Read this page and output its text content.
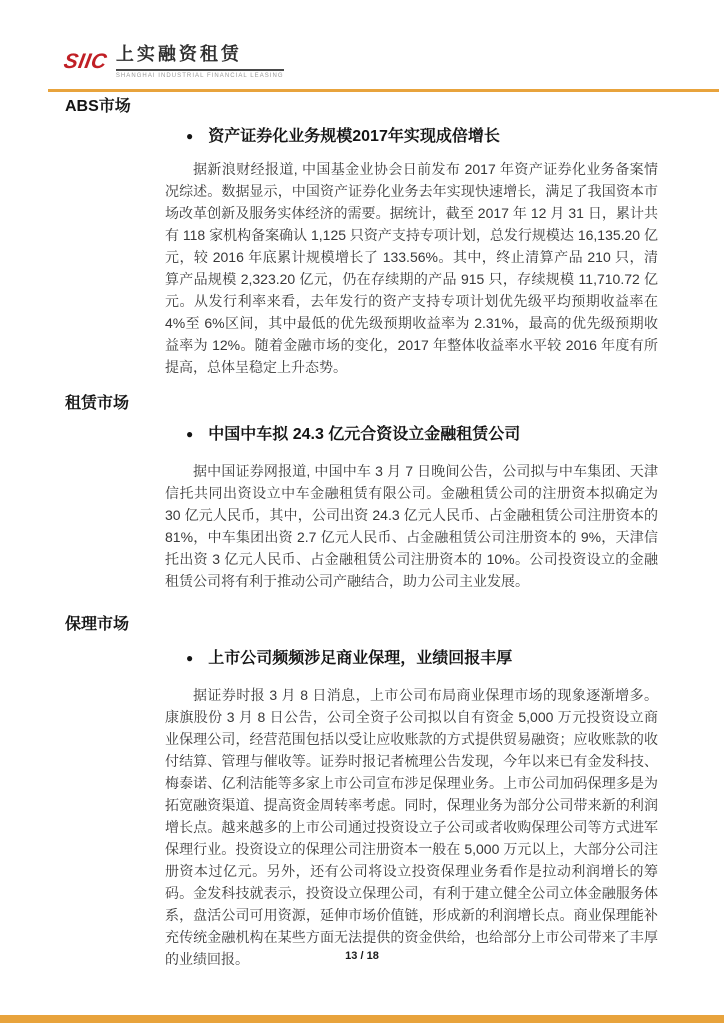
SIIC 上实融资租赁
SHANGHAI INDUSTRIAL FINANCIAL LEASING
ABS市场
● 资产证券化业务规模2017年实现成倍增长

据新浪财经报道, 中国基金业协会日前发布 2017 年资产证券化业务备案情况综述。数据显示，中国资产证券化业务去年实现快速增长，满足了我国资本市场改革创新及服务实体经济的需要。据统计，截至 2017 年 12 月 31 日，累计共有 118 家机构备案确认 1,125 只资产支持专项计划，总发行规模达 16,135.20 亿元，较 2016 年底累计规模增长了 133.56%。其中，终止清算产品 210 只，清算产品规模 2,323.20 亿元，仍在存续期的产品 915 只，存续规模 11,710.72 亿元。从发行利率来看，去年发行的资产支持专项计划优先级平均预期收益率在 4%至 6%区间，其中最低的优先级预期收益率为 2.31%，最高的优先级预期收益率为 12%。随着金融市场的变化，2017 年整体收益率水平较 2016 年度有所提高，总体呈稳定上升态势。

租赁市场
● 中国中车拟 24.3 亿元合资设立金融租赁公司

据中国证券网报道, 中国中车 3 月 7 日晚间公告，公司拟与中车集团、天津信托共同出资设立中车金融租赁有限公司。金融租赁公司的注册资本拟确定为 30 亿元人民币，其中，公司出资 24.3 亿元人民币、占金融租赁公司注册资本的 81%，中车集团出资 2.7 亿元人民币、占金融租赁公司注册资本的 9%，天津信托出资 3 亿元人民币、占金融租赁公司注册资本的 10%。公司投资设立的金融租赁公司将有利于推动公司产融结合，助力公司主业发展。

保理市场
● 上市公司频频涉足商业保理，业绩回报丰厚

据证券时报 3 月 8 日消息，上市公司布局商业保理市场的现象逐渐增多。康旗股份 3 月 8 日公告，公司全资子公司拟以自有资金 5,000 万元投资设立商业保理公司，经营范围包括以受让应收账款的方式提供贸易融资；应收账款的收付结算、管理与催收等。证券时报记者梳理公告发现，今年以来已有金发科技、梅泰诺、亿利洁能等多家上市公司宣布涉足保理业务。上市公司加码保理多是为拓宽融资渠道、提高资金周转率考虑。同时，保理业务为部分公司带来新的利润增长点。越来越多的上市公司通过投资设立子公司或者收购保理公司等方式进军保理行业。投资设立的保理公司注册资本一般在 5,000 万元以上，大部分公司注册资本过亿元。另外，还有公司将设立投资保理业务看作是拉动利润增长的筹码。金发科技就表示，投资设立保理公司，有利于建立健全公司立体金融服务体系，盘活公司可用资源，延伸市场价值链，形成新的利润增长点。商业保理能补充传统金融机构在某些方面无法提供的资金供给，也给部分上市公司带来了丰厚的业绩回报。	13 / 18
